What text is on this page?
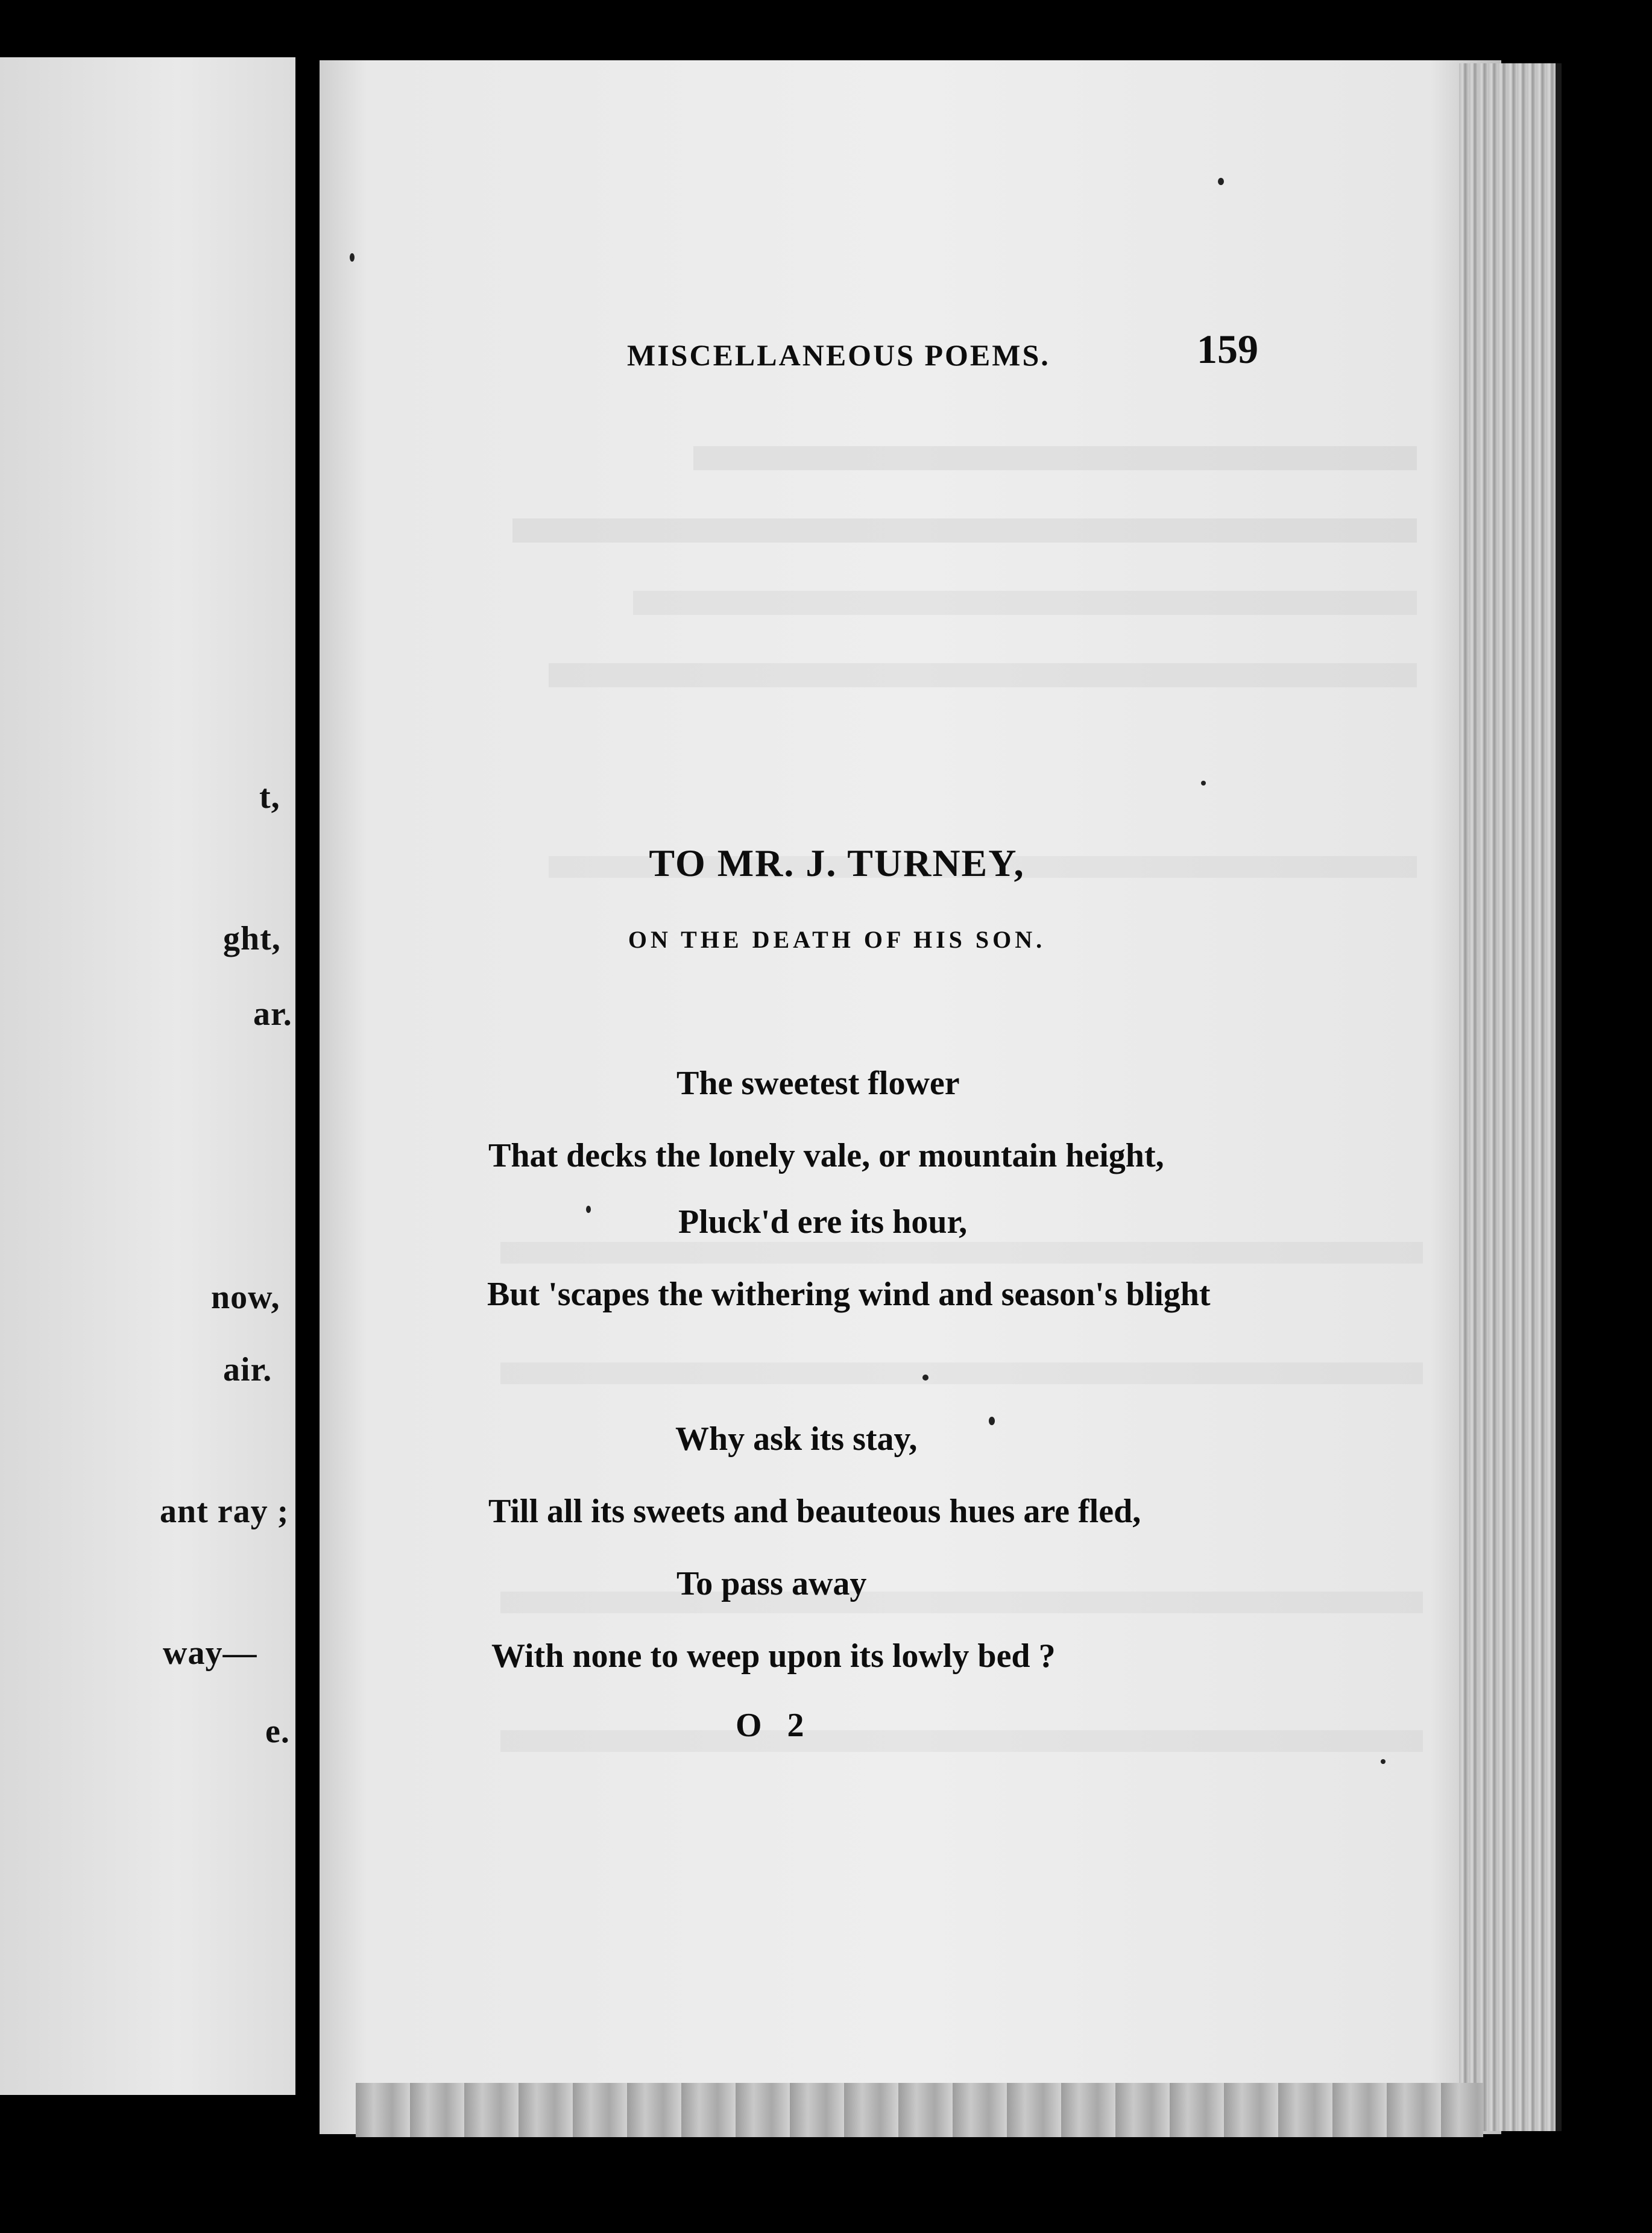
t,
ght,
ar.
now,
air.
ant ray ;
way—
e.
MISCELLANEOUS POEMS.	159
TO MR. J. TURNEY,
ON THE DEATH OF HIS SON.
The sweetest flower
That decks the lonely vale, or mountain height,
Pluck'd ere its hour,
But 'scapes the withering wind and season's blight
Why ask its stay,
Till all its sweets and beauteous hues are fled,
To pass away
With none to weep upon its lowly bed ?
O 2
